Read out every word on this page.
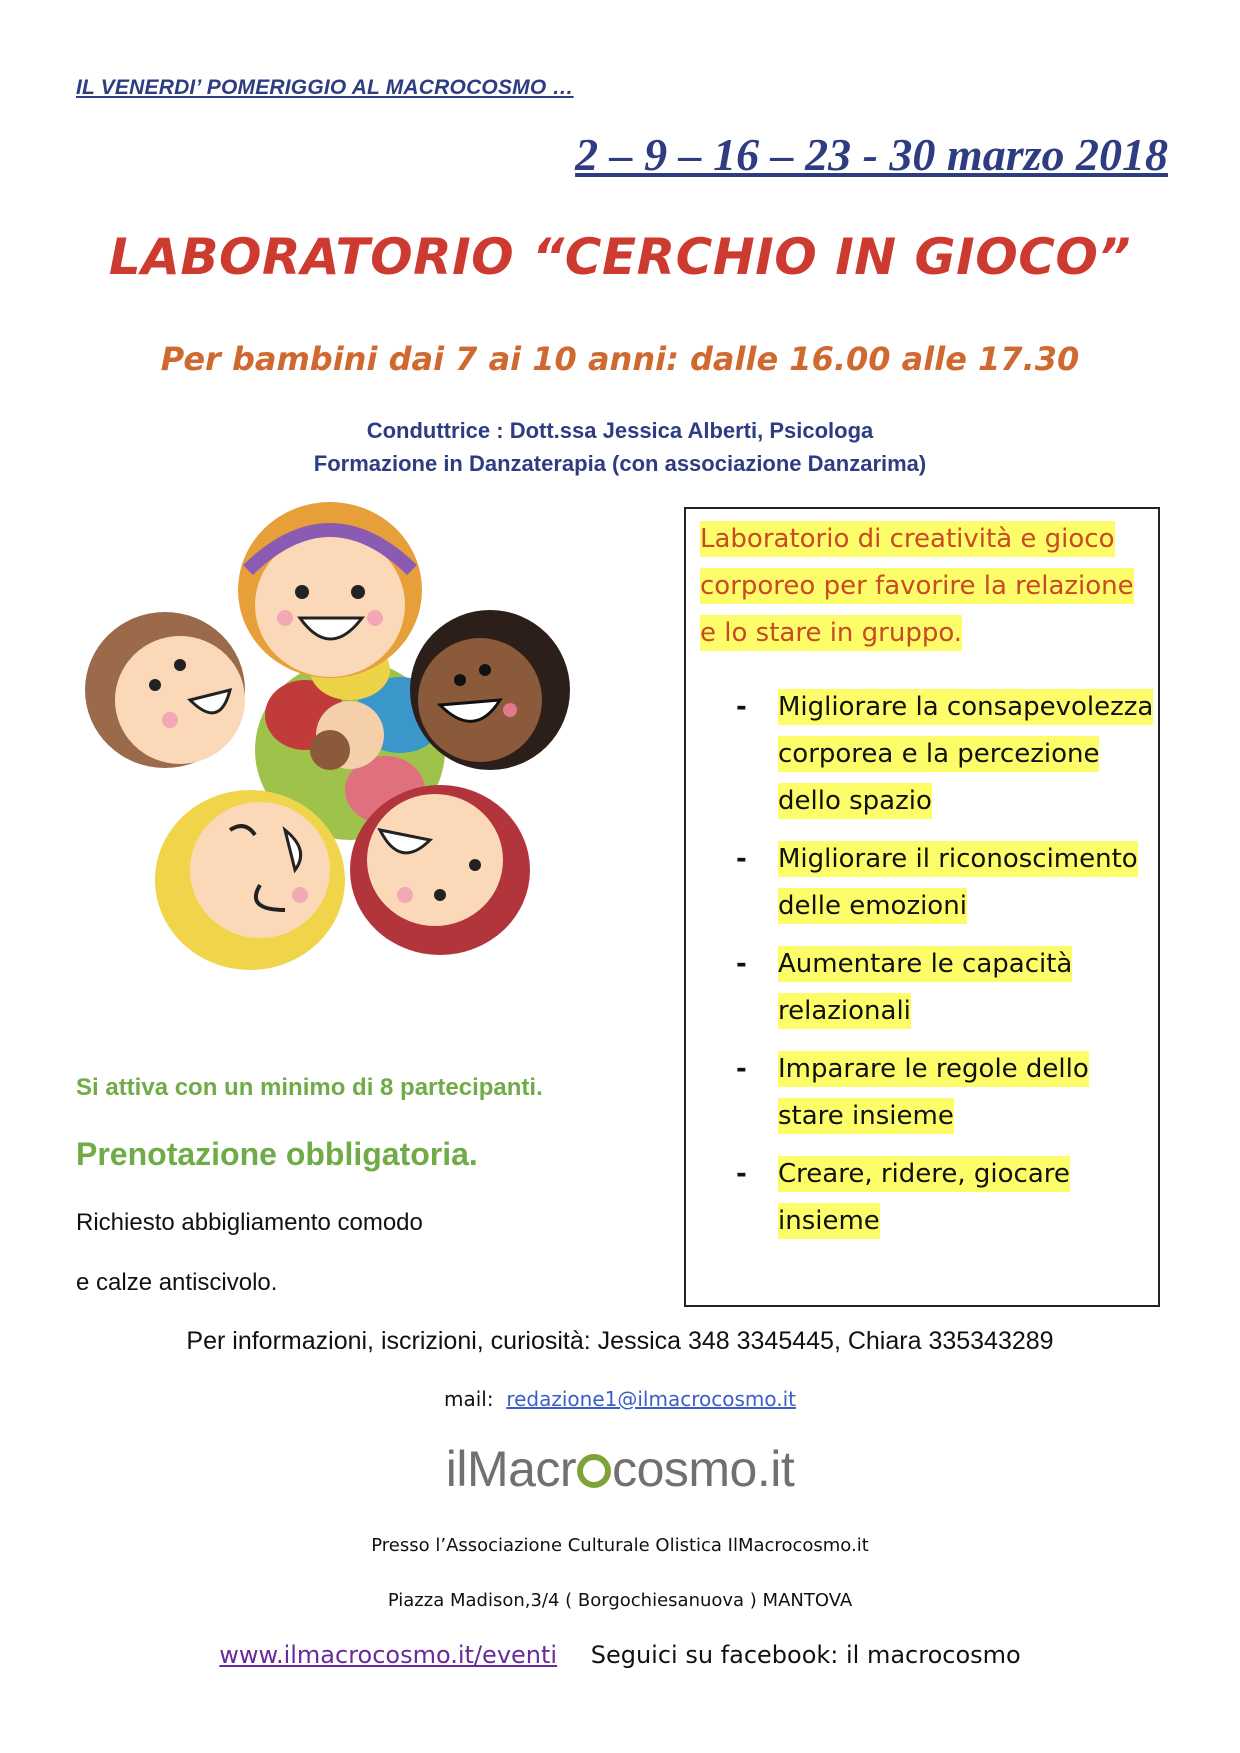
IL VENERDI’ POMERIGGIO AL MACROCOSMO …
2 – 9 – 16 – 23 - 30 marzo 2018
LABORATORIO “CERCHIO IN GIOCO”
Per bambini dai 7 ai 10 anni: dalle 16.00 alle 17.30
Conduttrice : Dott.ssa Jessica Alberti, Psicologa
Formazione in Danzaterapia (con associazione Danzarima)
Laboratorio di creatività e gioco corporeo per favorire la relazione e lo stare in gruppo.
- Migliorare la consapevolezza corporea e la percezione dello spazio
- Migliorare il riconoscimento delle emozioni
- Aumentare le capacità relazionali
- Imparare le regole dello stare insieme
- Creare, ridere, giocare insieme
Si attiva con un minimo di 8 partecipanti.
Prenotazione obbligatoria.
Richiesto abbigliamento comodo
e calze antiscivolo.
Per informazioni, iscrizioni, curiosità: Jessica 348 3345445, Chiara 335343289
mail: redazione1@ilmacrocosmo.it
ilMacr cosmo.it
Presso l’Associazione Culturale Olistica IlMacrocosmo.it
Piazza Madison,3/4 ( Borgochiesanuova ) MANTOVA
www.ilmacrocosmo.it/eventi Seguici su facebook: il macrocosmo
